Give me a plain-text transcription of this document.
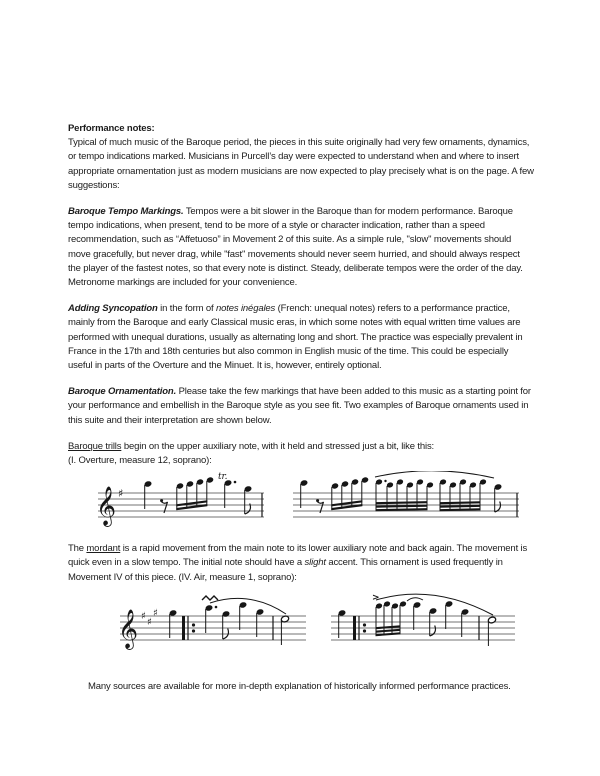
Performance notes:

Typical of much music of the Baroque period, the pieces in this suite originally had very few ornaments, dynamics, or tempo indications marked. Musicians in Purcell’s day were expected to understand when and where to insert appropriate ornamentation just as modern musicians are now expected to play precisely what is on the page. A few suggestions:

Baroque Tempo Markings. Tempos were a bit slower in the Baroque than for modern performance. Baroque tempo indications, when present, tend to be more of a style or character indication, rather than a speed recommendation, such as “Affetuoso” in Movement 2 of this suite. As a simple rule, "slow" movements should move gracefully, but never drag, while "fast" movements should never seem hurried, and should always respect the player of the fastest notes, so that every note is distinct. Steady, deliberate tempos were the order of the day. Metronome markings are included for your convenience.

Adding Syncopation in the form of notes inégales (French: unequal notes) refers to a performance practice, mainly from the Baroque and early Classical music eras, in which some notes with equal written time values are performed with unequal durations, usually as alternating long and short. The practice was especially prevalent in France in the 17th and 18th centuries but also common in English music of the time. This could be especially useful in parts of the Overture and the Minuet. It is, however, entirely optional.

Baroque Ornamentation. Please take the few markings that have been added to this music as a starting point for your performance and embellish in the Baroque style as you see fit. Two examples of Baroque ornaments used in this suite and their interpretation are shown below.

Baroque trills begin on the upper auxiliary note, with it held and stressed just a bit, like this:

(I. Overture, measure 12, soprano):

𝄞 ♯
tr.

The mordant is a rapid movement from the main note to its lower auxiliary note and back again. The movement is quick even in a slow tempo. The initial note should have a slight accent. This ornament is used frequently in Movement IV of this piece. (IV. Air, measure 1, soprano):

𝄞 ♯
♯
♯
>

Many sources are available for more in-depth explanation of historically informed performance practices.
